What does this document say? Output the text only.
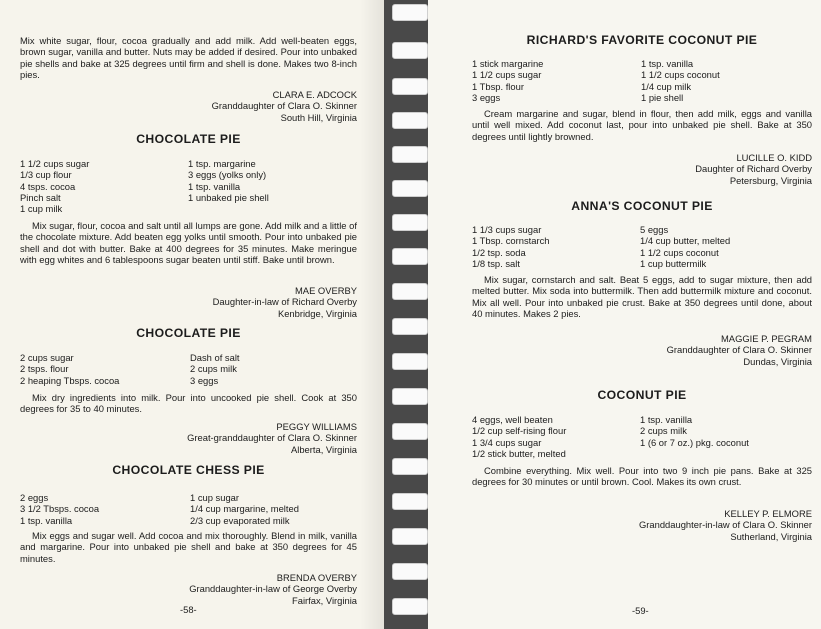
Mix white sugar, flour, cocoa gradually and add milk. Add well-beaten eggs, brown sugar, vanilla and butter. Nuts may be added if desired. Pour into unbaked pie shells and bake at 325 degrees until firm and shell is done. Makes two 8-inch pies.
CLARA E. ADCOCK
Granddaughter of Clara O. Skinner
South Hill, Virginia
CHOCOLATE PIE
1 1/2 cups sugar
1/3 cup flour
4 tsps. cocoa
Pinch salt
1 cup milk
1 tsp. margarine
3 eggs (yolks only)
1 tsp. vanilla
1 unbaked pie shell
Mix sugar, flour, cocoa and salt until all lumps are gone. Add milk and a little of the chocolate mixture. Add beaten egg yolks until smooth. Pour into unbaked pie shell and dot with butter. Bake at 400 degrees for 35 minutes. Make meringue with egg whites and 6 tablespoons sugar beaten until stiff. Bake until brown.
MAE OVERBY
Daughter-in-law of Richard Overby
Kenbridge, Virginia
CHOCOLATE PIE
2 cups sugar
2 tsps. flour
2 heaping Tbsps. cocoa
Dash of salt
2 cups milk
3 eggs
Mix dry ingredients into milk. Pour into uncooked pie shell. Cook at 350 degrees for 35 to 40 minutes.
PEGGY WILLIAMS
Great-granddaughter of Clara O. Skinner
Alberta, Virginia
CHOCOLATE CHESS PIE
2 eggs
3 1/2 Tbsps. cocoa
1 tsp. vanilla
1 cup sugar
1/4 cup margarine, melted
2/3 cup evaporated milk
Mix eggs and sugar well. Add cocoa and mix thoroughly. Blend in milk, vanilla and margarine. Pour into unbaked pie shell and bake at 350 degrees for 45 minutes.
BRENDA OVERBY
Granddaughter-in-law of George Overby
Fairfax, Virginia
-58-
RICHARD'S FAVORITE COCONUT PIE
1 stick margarine
1 1/2 cups sugar
1 Tbsp. flour
3 eggs
1 tsp. vanilla
1 1/2 cups coconut
1/4 cup milk
1 pie shell
Cream margarine and sugar, blend in flour, then add milk, eggs and vanilla until well mixed. Add coconut last, pour into unbaked pie shell. Bake at 350 degrees until lightly browned.
LUCILLE O. KIDD
Daughter of Richard Overby
Petersburg, Virginia
ANNA'S COCONUT PIE
1 1/3 cups sugar
1 Tbsp. cornstarch
1/2 tsp. soda
1/8 tsp. salt
5 eggs
1/4 cup butter, melted
1 1/2 cups coconut
1 cup buttermilk
Mix sugar, cornstarch and salt. Beat 5 eggs, add to sugar mixture, then add melted butter. Mix soda into buttermilk. Then add buttermilk mixture and coconut. Mix all well. Pour into unbaked pie crust. Bake at 350 degrees until done, about 40 minutes. Makes 2 pies.
MAGGIE P. PEGRAM
Granddaughter of Clara O. Skinner
Dundas, Virginia
COCONUT PIE
4 eggs, well beaten
1/2 cup self-rising flour
1 3/4 cups sugar
1/2 stick butter, melted
1 tsp. vanilla
2 cups milk
1 (6 or 7 oz.) pkg. coconut
Combine everything. Mix well. Pour into two 9 inch pie pans. Bake at 325 degrees for 30 minutes or until brown. Cool. Makes its own crust.
KELLEY P. ELMORE
Granddaughter-in-law of Clara O. Skinner
Sutherland, Virginia
-59-
